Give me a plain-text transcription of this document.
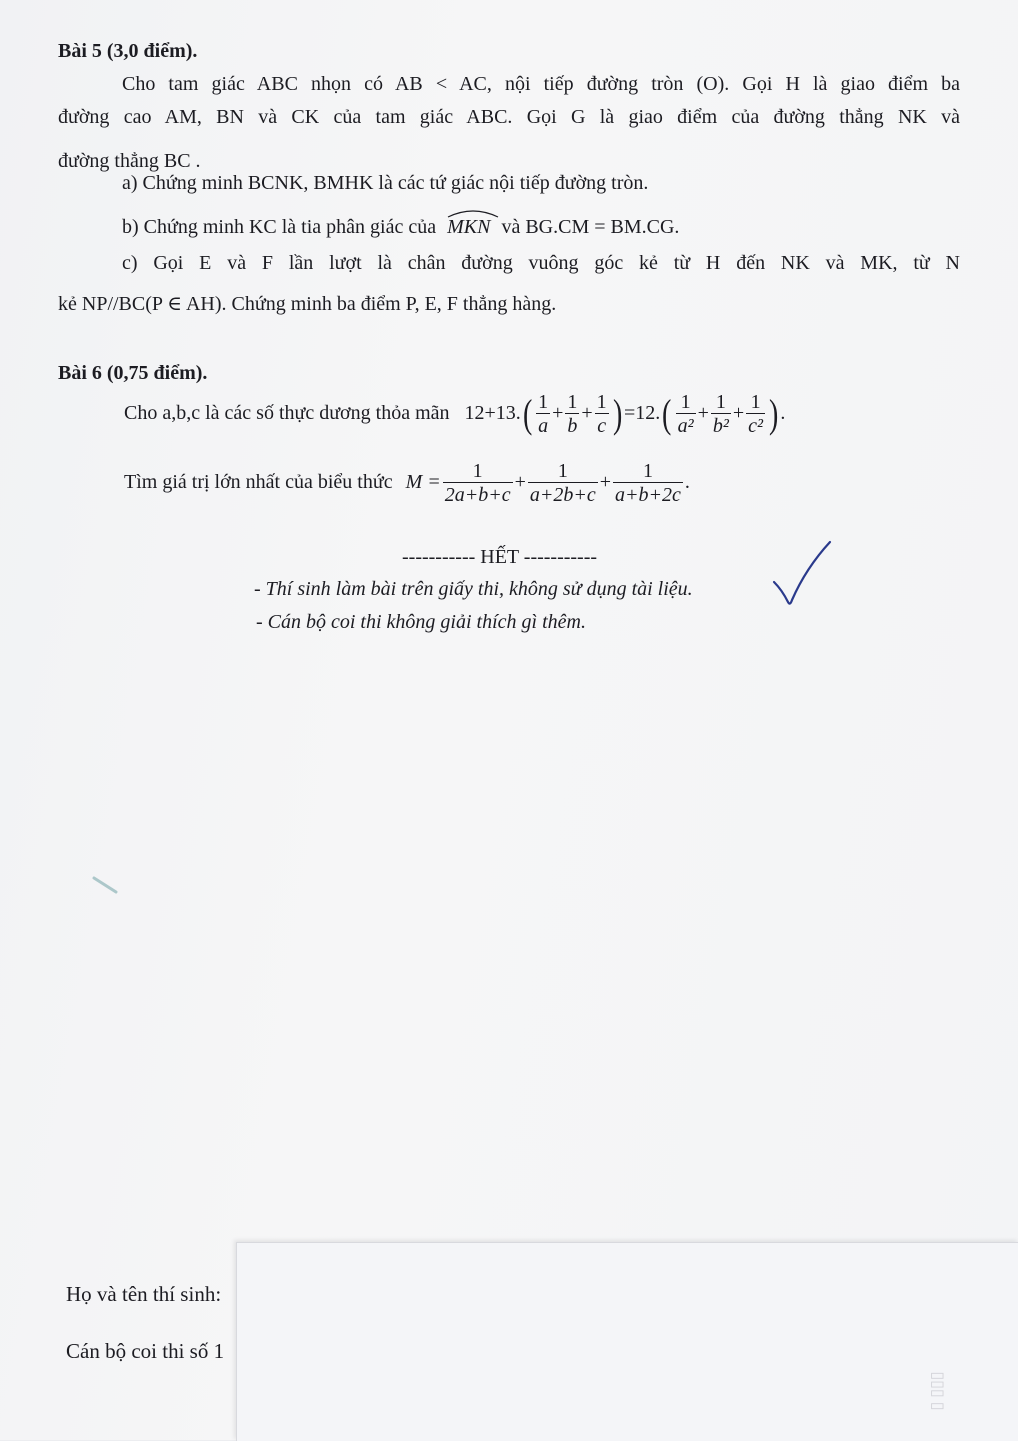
Bài 5 (3,0 điểm).
Cho tam giác ABC nhọn có AB < AC, nội tiếp đường tròn (O). Gọi H là giao điểm ba
đường cao AM, BN và CK của tam giác ABC. Gọi G là giao điểm của đường thẳng NK và
đường thẳng BC .
a) Chứng minh BCNK, BMHK là các tứ giác nội tiếp đường tròn.
b) Chứng minh KC là tia phân giác của MKN và BG.CM = BM.CG.
c) Gọi E và F lần lượt là chân đường vuông góc kẻ từ H đến NK và MK, từ N
kẻ NP//BC(P ∈ AH). Chứng minh ba điểm P, E, F thẳng hàng.
Bài 6 (0,75 điểm).
Cho a,b,c là các số thực dương thỏa mãn $12+13.( \frac{1}{a} + \frac{1}{b} + \frac{1}{c} )=12.( \frac{1}{\text{a²}} + \frac{1}{\text{b²}} + \frac{1}{\text{c²}}$ ).
Tìm giá trị lớn nhất của biểu thức $M = \frac{1}{2a+b+c} + \frac{1}{a+2b+c} + \frac{1}{a+b+2c}$ .
----------- HẾT -----------
- Thí sinh làm bài trên giấy thi, không sử dụng tài liệu.
- Cán bộ coi thi không giải thích gì thêm.
Họ và tên thí sinh:
Cán bộ coi thi số 1
▯ ▯▯▯
